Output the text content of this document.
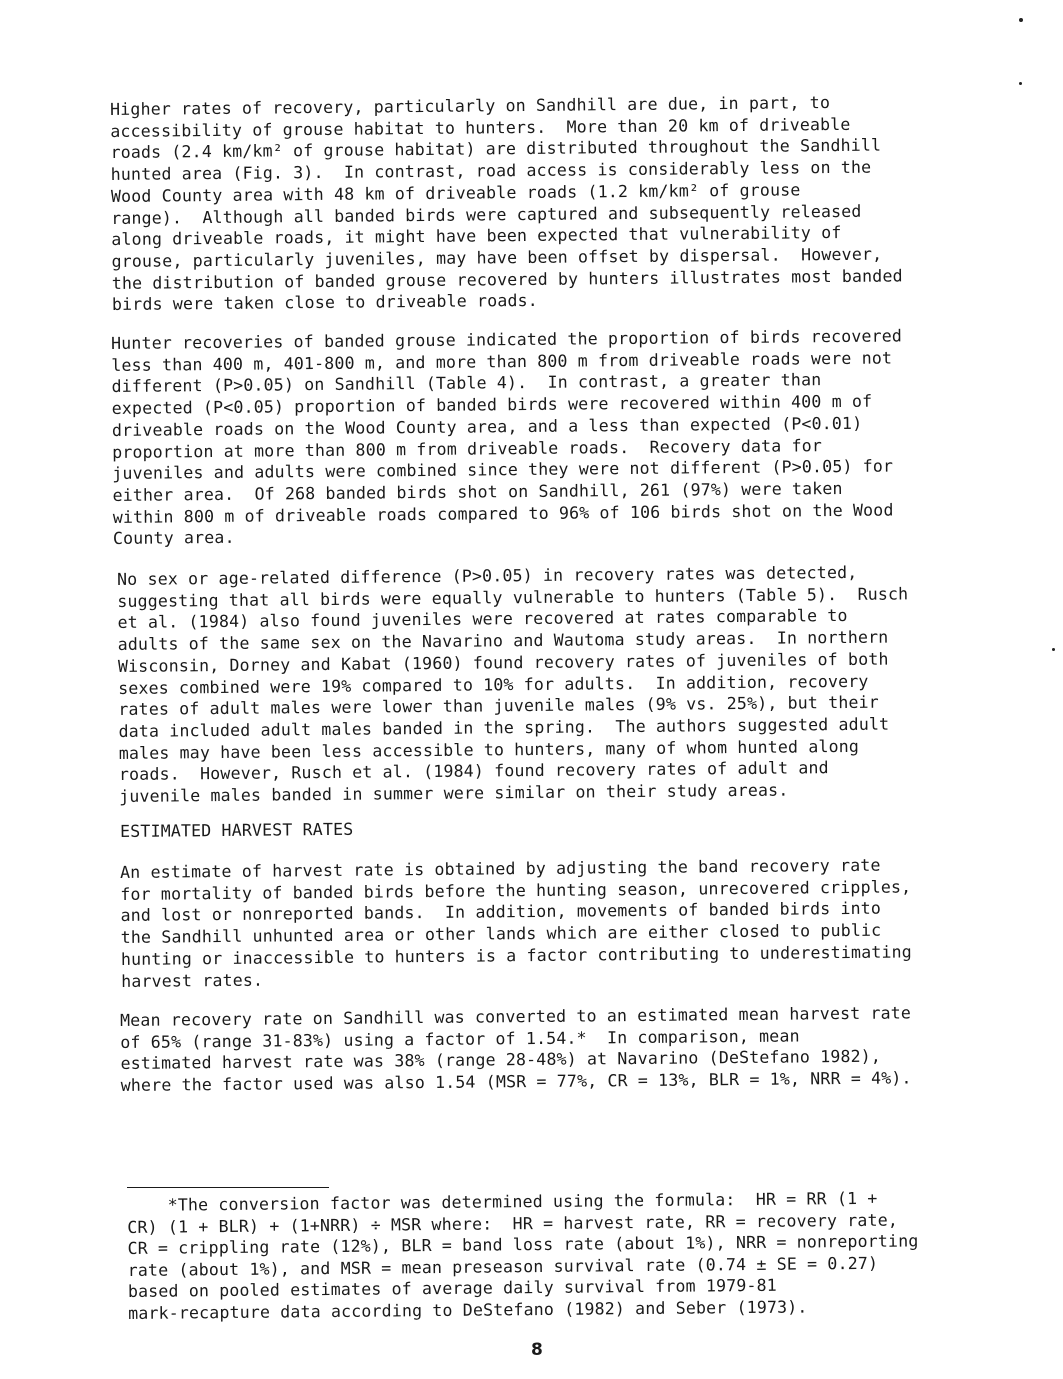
Higher rates of recovery, particularly on Sandhill are due, in part, to
accessibility of grouse habitat to hunters.  More than 20 km of driveable
roads (2.4 km/km² of grouse habitat) are distributed throughout the Sandhill
hunted area (Fig. 3).  In contrast, road access is considerably less on the
Wood County area with 48 km of driveable roads (1.2 km/km² of grouse
range).  Although all banded birds were captured and subsequently released
along driveable roads, it might have been expected that vulnerability of
grouse, particularly juveniles, may have been offset by dispersal.  However,
the distribution of banded grouse recovered by hunters illustrates most banded
birds were taken close to driveable roads.
Hunter recoveries of banded grouse indicated the proportion of birds recovered
less than 400 m, 401-800 m, and more than 800 m from driveable roads were not
different (P>0.05) on Sandhill (Table 4).  In contrast, a greater than
expected (P<0.05) proportion of banded birds were recovered within 400 m of
driveable roads on the Wood County area, and a less than expected (P<0.01)
proportion at more than 800 m from driveable roads.  Recovery data for
juveniles and adults were combined since they were not different (P>0.05) for
either area.  Of 268 banded birds shot on Sandhill, 261 (97%) were taken
within 800 m of driveable roads compared to 96% of 106 birds shot on the Wood
County area.
No sex or age-related difference (P>0.05) in recovery rates was detected,
suggesting that all birds were equally vulnerable to hunters (Table 5).  Rusch
et al. (1984) also found juveniles were recovered at rates comparable to
adults of the same sex on the Navarino and Wautoma study areas.  In northern
Wisconsin, Dorney and Kabat (1960) found recovery rates of juveniles of both
sexes combined were 19% compared to 10% for adults.  In addition, recovery
rates of adult males were lower than juvenile males (9% vs. 25%), but their
data included adult males banded in the spring.  The authors suggested adult
males may have been less accessible to hunters, many of whom hunted along
roads.  However, Rusch et al. (1984) found recovery rates of adult and
juvenile males banded in summer were similar on their study areas.
ESTIMATED HARVEST RATES
An estimate of harvest rate is obtained by adjusting the band recovery rate
for mortality of banded birds before the hunting season, unrecovered cripples,
and lost or nonreported bands.  In addition, movements of banded birds into
the Sandhill unhunted area or other lands which are either closed to public
hunting or inaccessible to hunters is a factor contributing to underestimating
harvest rates.
Mean recovery rate on Sandhill was converted to an estimated mean harvest rate
of 65% (range 31-83%) using a factor of 1.54.*  In comparison, mean
estimated harvest rate was 38% (range 28-48%) at Navarino (DeStefano 1982),
where the factor used was also 1.54 (MSR = 77%, CR = 13%, BLR = 1%, NRR = 4%).
*The conversion factor was determined using the formula:  HR = RR (1 +
CR) (1 + BLR) + (1+NRR) ÷ MSR where:  HR = harvest rate, RR = recovery rate,
CR = crippling rate (12%), BLR = band loss rate (about 1%), NRR = nonreporting
rate (about 1%), and MSR = mean preseason survival rate (0.74 ± SE = 0.27)
based on pooled estimates of average daily survival from 1979-81
mark-recapture data according to DeStefano (1982) and Seber (1973).
8
